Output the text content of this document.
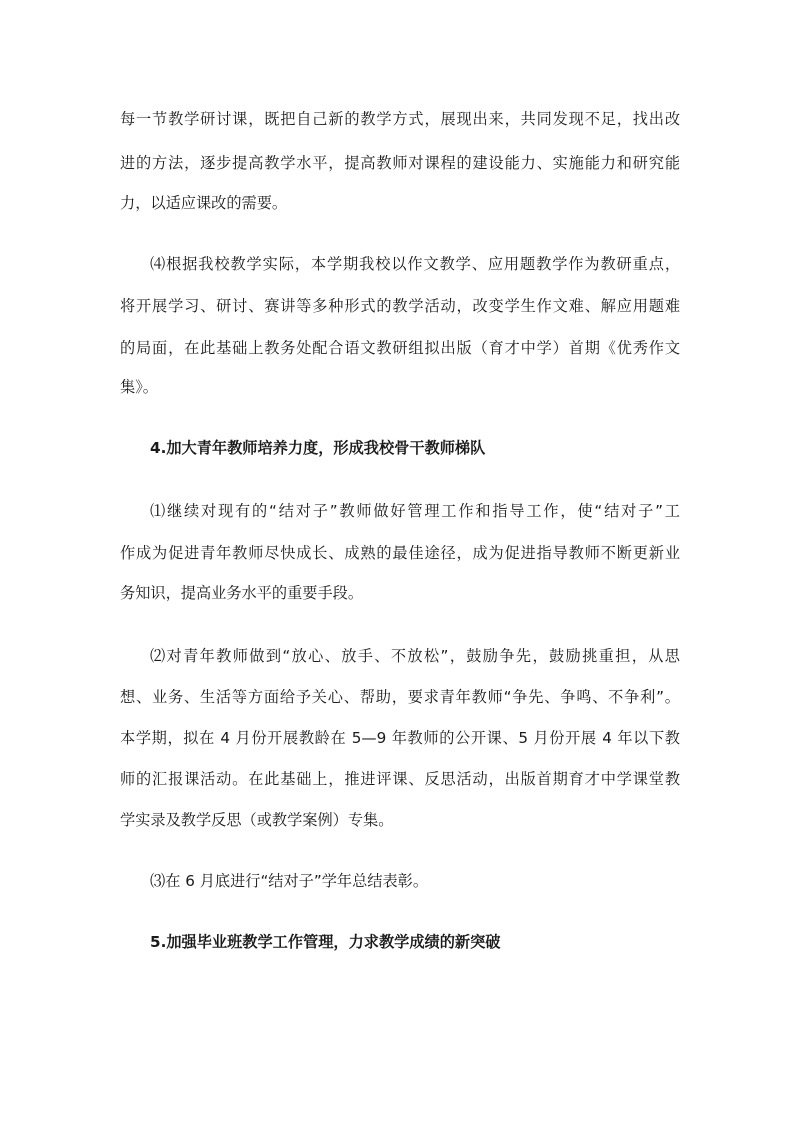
每一节教学研讨课，既把自己新的教学方式，展现出来，共同发现不足，找出改
进的方法，逐步提高教学水平，提高教师对课程的建设能力、实施能力和研究能
力，以适应课改的需要。
⑷根据我校教学实际，本学期我校以作文教学、应用题教学作为教研重点，
将开展学习、研讨、赛讲等多种形式的教学活动，改变学生作文难、解应用题难
的局面，在此基础上教务处配合语文教研组拟出版（育才中学）首期《优秀作文
集》。
4.加大青年教师培养力度，形成我校骨干教师梯队
⑴继续对现有的“结对子”教师做好管理工作和指导工作，使“结对子”工
作成为促进青年教师尽快成长、成熟的最佳途径，成为促进指导教师不断更新业
务知识，提高业务水平的重要手段。
⑵对青年教师做到“放心、放手、不放松”，鼓励争先，鼓励挑重担，从思
想、业务、生活等方面给予关心、帮助，要求青年教师“争先、争鸣、不争利”。
本学期，拟在 4 月份开展教龄在 5—9 年教师的公开课、5 月份开展 4 年以下教
师的汇报课活动。在此基础上，推进评课、反思活动，出版首期育才中学课堂教
学实录及教学反思（或教学案例）专集。
⑶在 6 月底进行“结对子”学年总结表彰。
5.加强毕业班教学工作管理，力求教学成绩的新突破
